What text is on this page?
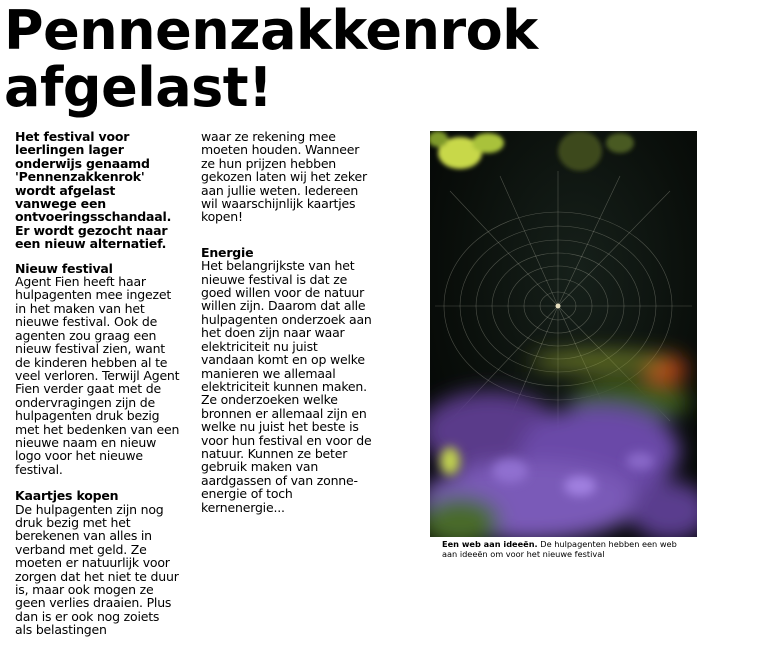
Pennenzakkenrok
afgelast!

Het festival voor leerlingen lager onderwijs genaamd 'Pennenzakkenrok' wordt afgelast vanwege een ontvoeringsschandaal. Er wordt gezocht naar een nieuw alternatief.

Nieuw festival

Agent Fien heeft haar hulpagenten mee ingezet in het maken van het nieuwe festival. Ook de agenten zou graag een nieuw festival zien, want de kinderen hebben al te veel verloren. Terwijl Agent Fien verder gaat met de ondervragingen zijn de hulpagenten druk bezig met het bedenken van een nieuwe naam en nieuw logo voor het nieuwe festival.

Kaartjes kopen

De hulpagenten zijn nog druk bezig met het berekenen van alles in verband met geld. Ze moeten er natuurlijk voor zorgen dat het niet te duur is, maar ook mogen ze geen verlies draaien. Plus dan is er ook nog zoiets als belastingen

waar ze rekening mee moeten houden. Wanneer ze hun prijzen hebben gekozen laten wij het zeker aan jullie weten. Iedereen wil waarschijnlijk kaartjes kopen!

Energie

Het belangrijkste van het nieuwe festival is dat ze goed willen voor de natuur willen zijn. Daarom dat alle hulpagenten onderzoek aan het doen zijn naar waar elektriciteit nu juist vandaan komt en op welke manieren we allemaal elektriciteit kunnen maken. Ze onderzoeken welke bronnen er allemaal zijn en welke nu juist het beste is voor hun festival en voor de natuur. Kunnen ze beter gebruik maken van aardgassen of van zonne-energie of toch kernenergie...

Een web aan ideeën. De hulpagenten hebben een web aan ideeën om voor het nieuwe festival
